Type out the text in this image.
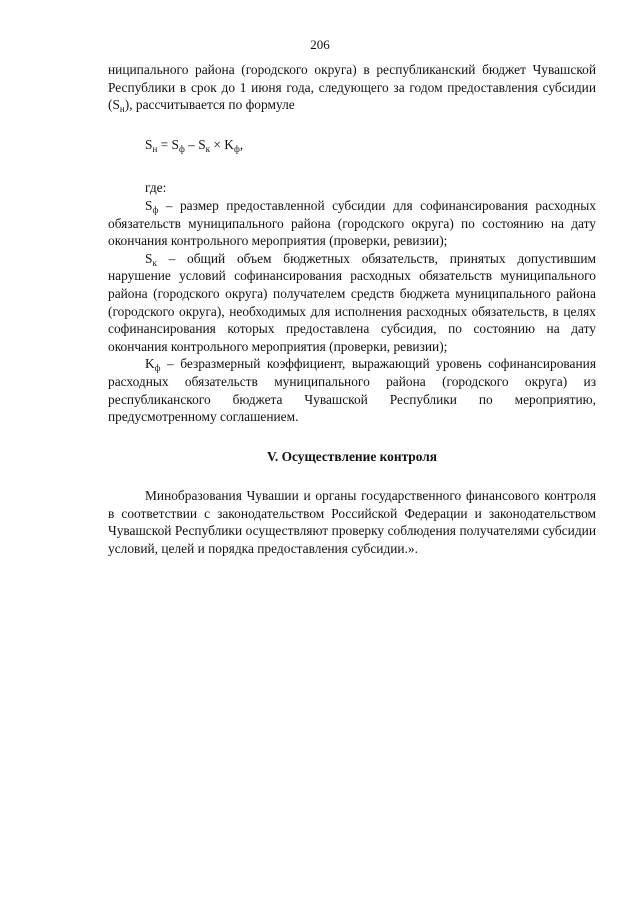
206

ниципального района (городского округа) в республиканский бюджет Чувашской Республики в срок до 1 июня года, следующего за годом предоставления субсидии $(S_н)$, рассчитывается по формуле

$S_н = S_ф - S_к \times K_ф$,

где:

$S_ф$ – размер предоставленной субсидии для софинансирования расходных обязательств муниципального района (городского округа) по состоянию на дату окончания контрольного мероприятия (проверки, ревизии);

$S_к$ – общий объем бюджетных обязательств, принятых допустившим нарушение условий софинансирования расходных обязательств муниципального района (городского округа) получателем средств бюджета муниципального района (городского округа), необходимых для исполнения расходных обязательств, в целях софинансирования которых предоставлена субсидия, по состоянию на дату окончания контрольного мероприятия (проверки, ревизии);

$K_ф$ – безразмерный коэффициент, выражающий уровень софинансирования расходных обязательств муниципального района (городского округа) из республиканского бюджета Чувашской Республики по мероприятию, предусмотренному соглашением.

V. Осуществление контроля

Минобразования Чувашии и органы государственного финансового контроля в соответствии с законодательством Российской Федерации и законодательством Чувашской Республики осуществляют проверку соблюдения получателями субсидии условий, целей и порядка предоставления субсидии.».
